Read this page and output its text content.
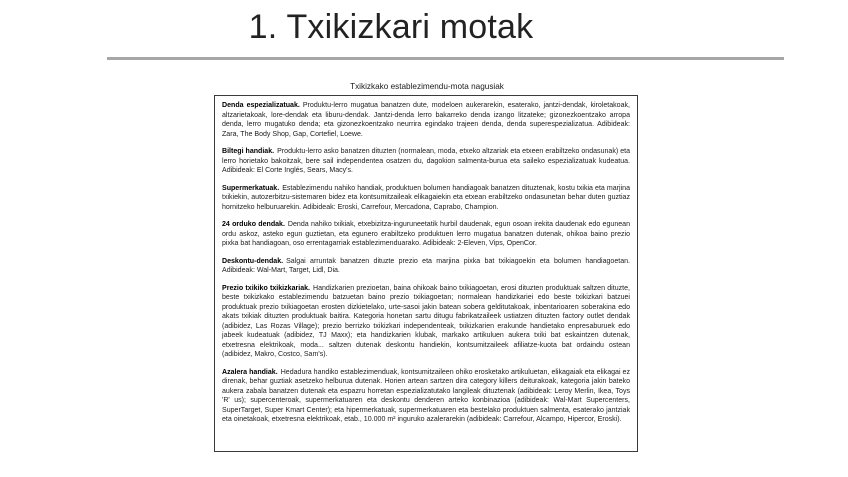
1. Txikizkari motak
Txikizkako establezimendu-mota nagusiak

Denda espezializatuak. Produktu-lerro mugatua banatzen dute, modeloen aukerarekin, esaterako, jantzi-dendak, kiroletakoak, altzarietakoak, lore-dendak eta liburu-dendak. Jantzi-denda lerro bakarreko denda izango litzateke; gizonezkoentzako arropa denda, lerro mugatuko denda; eta gizonezkoentzako neurrira egindako trajeen denda, denda superespezializatua. Adibideak: Zara, The Body Shop, Gap, Cortefiel, Loewe.

Biltegi handiak. Produktu-lerro asko banatzen dituzten (normalean, moda, etxeko altzariak eta etxeen erabiltzeko ondasunak) eta lerro horietako bakoitzak, bere sail independentea osatzen du, dagokion salmenta-burua eta saileko espezializatuak kudeatua. Adibideak: El Corte Inglés, Sears, Macy's.

Supermerkatuak. Establezimendu nahiko handiak, produktuen bolumen handiagoak banatzen dituztenak, kostu txikia eta marjina txikiekin, autozerbitzu-sistemaren bidez eta kontsumitzaileak elikagaiekin eta etxean erabiltzeko ondasunetan behar duten guztiaz hornitzeko helburuarekin. Adibideak: Eroski, Carrefour, Mercadona, Caprabo, Champion.

24 orduko dendak. Denda nahiko txikiak, etxebizitza-inguruneetatik hurbil daudenak, egun osoan irekita daudenak edo egunean ordu askoz, asteko egun guztietan, eta egunero erabiltzeko produktuen lerro mugatua banatzen dutenak, ohikoa baino prezio pixka bat handiagoan, oso errentagarriak establezimenduarako. Adibideak: 2-Eleven, Vips, OpenCor.

Deskontu-dendak. Salgai arruntak banatzen dituzte prezio eta marjina pixka bat txikiagoekin eta bolumen handiagoetan. Adibideak: Wal-Mart, Target, Lidl, Dia.

Prezio txikiko txikizkariak. Handizkarien prezioetan, baina ohikoak baino txikiagoetan, erosi dituzten produktuak saltzen dituzte, beste txikizkako establezimendu batzuetan baino prezio txikiagoetan; normalean handizkariei edo beste txikizkari batzuei produktuak prezio txikiagoetan erosten dizkietelako, urte-sasoi jakin batean sobera gelditutakoak, inbentarioaren soberakina edo akats txikiak dituzten produktuak baitira. Kategoria honetan sartu ditugu fabrikatzaileek ustiatzen dituzten factory outlet dendak (adibidez, Las Rozas Village); prezio berrizko txikizkari independenteak, txikizkarien erakunde handietako enpresaburuek edo jabeek kudeatuak (adibidez, TJ Maxx); eta handizkarien klubak, markako artikuluen aukera txiki bat eskaintzen dutenak, etxetresna elektrikoak, moda... saltzen dutenak deskontu handiekin, kontsumitzaileek afiliatze-kuota bat ordaindu ostean (adibidez, Makro, Costco, Sam's).

Azalera handiak. Hedadura handiko establezimenduak, kontsumitzaileen ohiko erosketako artikuluetan, elikagaiak eta elikagai ez direnak, behar guztiak asetzeko helburua dutenak. Horien artean sartzen dira category killers deiturakoak, kategoria jakin bateko aukera zabala banatzen dutenak eta espazru horretan espezializatutako langileak dituztenak (adibideak: Leroy Merlin, Ikea, Toys 'R' us); supercenteroak, supermerkatuaren eta deskontu denderen arteko konbinazioa (adibideak: Wal-Mart Supercenters, SuperTarget, Super Kmart Center); eta hipermerkatuak, supermerkatuaren eta bestelako produktuen salmenta, esaterako jantziak eta oinetakoak, etxetresna elektrikoak, etab., 10.000 m² inguruko azalerarekin (adibideak: Carrefour, Alcampo, Hipercor, Eroski).
